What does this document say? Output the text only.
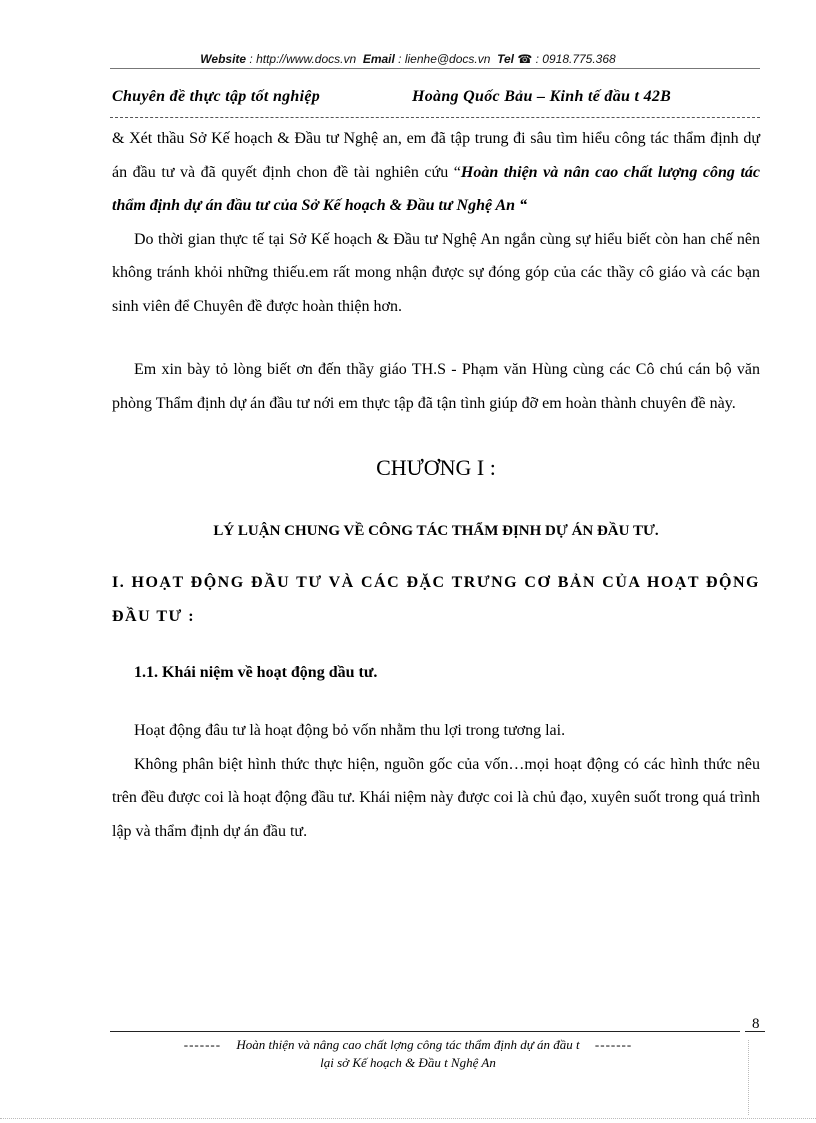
Website : http://www.docs.vn Email : lienhe@docs.vn Tel ☎ : 0918.775.368
Chuyên đề thực tập tốt nghiệp	Hoàng Quốc Bảu – Kinh tế đầu t 42B

& Xét thầu Sở Kế hoạch & Đầu tư Nghệ an, em đã tập trung đi sâu tìm hiểu công tác thẩm định dự án đầu tư và đã quyết định chon đề tài nghiên cứu “Hoàn thiện và nân cao chất lượng công tác thẩm định dự án đầu tư của Sở Kế hoạch & Đầu tư Nghệ An “

Do thời gian thực tế tại Sở Kế hoạch & Đầu tư Nghệ An ngắn cùng sự hiểu biết còn han chế nên không tránh khỏi những thiếu.em rất mong nhận được sự đóng góp của các thầy cô giáo và các bạn sinh viên để Chuyên đề được hoàn thiện hơn.

Em xin bày tỏ lòng biết ơn đến thầy giáo TH.S - Phạm văn Hùng cùng các Cô chú cán bộ văn phòng Thẩm định dự án đầu tư nới em thực tập đã tận tình giúp đỡ em hoàn thành chuyên đề này.

CHƯƠNG I :
LÝ LUẬN CHUNG VỀ CÔNG TÁC THẨM ĐỊNH DỰ ÁN ĐẦU TƯ.
I. HOẠT ĐỘNG ĐẦU TƯ VÀ CÁC ĐẶC TRƯNG CƠ BẢN CỦA HOẠT ĐỘNG ĐẦU TƯ :
1.1. Khái niệm về hoạt động dầu tư.

Hoạt động đâu tư là hoạt động bỏ vốn nhằm thu lợi trong tương lai.

Không phân biệt hình thức thực hiện, nguồn gốc của vốn…mọi hoạt động có các hình thức nêu trên đều được coi là hoạt động đầu tư. Khái niệm này được coi là chủ đạo, xuyên suốt trong quá trình lập và thẩm định dự án đầu tư.

8
------- Hoàn thiện và nâng cao chất lợng công tác thẩm định dự án đầu t -------
lại sở Kế hoạch & Đầu t Nghệ An
